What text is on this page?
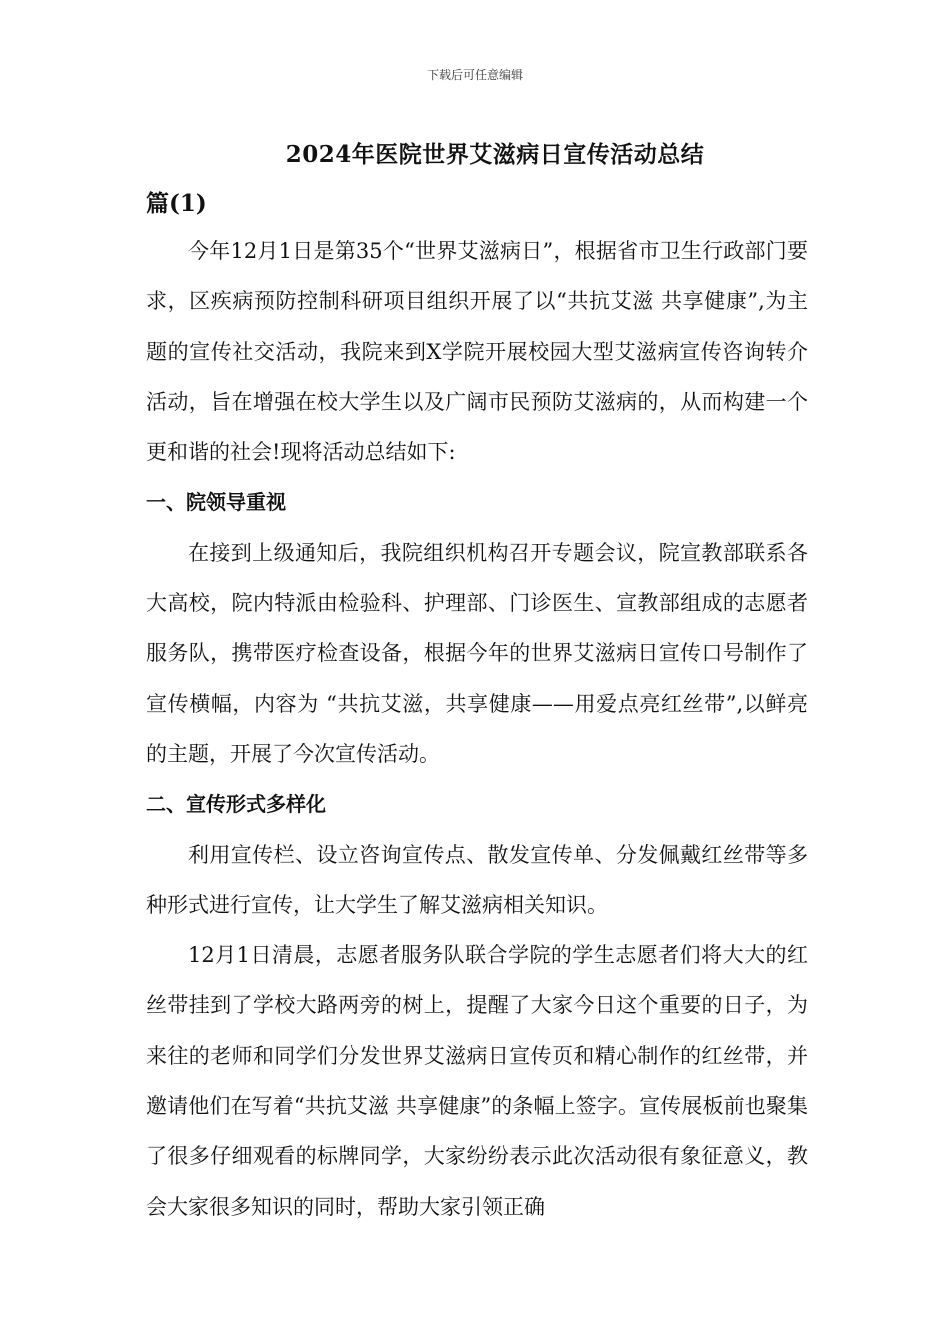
下载后可任意编辑
2024年医院世界艾滋病日宣传活动总结
篇(1)

今年12月1日是第35个“世界艾滋病日”，根据省市卫生行政部门要求，区疾病预防控制科研项目组织开展了以“共抗艾滋 共享健康”,为主题的宣传社交活动，我院来到X学院开展校园大型艾滋病宣传咨询转介活动，旨在增强在校大学生以及广阔市民预防艾滋病的，从而构建一个更和谐的社会!现将活动总结如下:

一、院领导重视

在接到上级通知后，我院组织机构召开专题会议，院宣教部联系各大高校，院内特派由检验科、护理部、门诊医生、宣教部组成的志愿者服务队，携带医疗检查设备，根据今年的世界艾滋病日宣传口号制作了宣传横幅，内容为 “共抗艾滋，共享健康——用爱点亮红丝带”,以鲜亮的主题，开展了今次宣传活动。

二、宣传形式多样化

利用宣传栏、设立咨询宣传点、散发宣传单、分发佩戴红丝带等多种形式进行宣传，让大学生了解艾滋病相关知识。

12月1日清晨，志愿者服务队联合学院的学生志愿者们将大大的红丝带挂到了学校大路两旁的树上，提醒了大家今日这个重要的日子，为来往的老师和同学们分发世界艾滋病日宣传页和精心制作的红丝带，并邀请他们在写着“共抗艾滋 共享健康”的条幅上签字。宣传展板前也聚集了很多仔细观看的标牌同学，大家纷纷表示此次活动很有象征意义，教会大家很多知识的同时，帮助大家引领正确
